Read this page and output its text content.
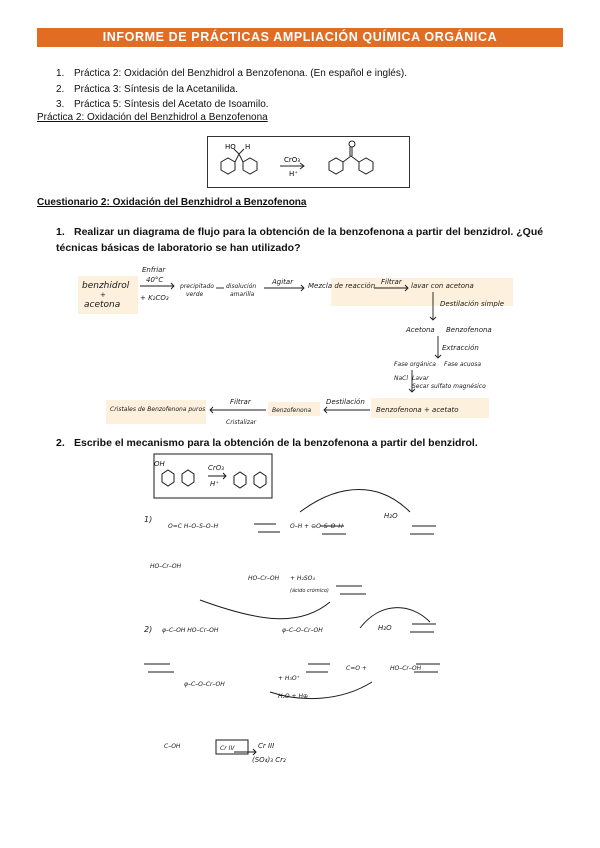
INFORME DE PRÁCTICAS AMPLIACIÓN QUÍMICA ORGÁNICA
1. Práctica 2: Oxidación del Benzhidrol a Benzofenona. (En español e inglés).
2. Práctica 3: Síntesis de la Acetanilida.
3. Práctica 5: Síntesis del Acetato de Isoamilo.
Práctica 2: Oxidación del Benzhidrol a Benzofenona
HO H
CrO₃
H⁺
Cuestionario 2: Oxidación del Benzhidrol a Benzofenona
1. Realizar un diagrama de flujo para la obtención de la benzofenona a partir del benzidrol. ¿Qué técnicas básicas de laboratorio se han utilizado?
benzhidrol
+
acetona
Enfriar
40°C
+ K₂CO₃
precipitado
verde
disolución
amarilla
Agitar Mezcla de reacción Filtrar lavar con acetona
Destilación simple
Acetona Benzofenona
Extracción
Fase orgánica Fase acuosa
NaCl Lavar
Secar sulfato magnésico
Benzofenona + acetato
Destilación
Benzofenona
Filtrar
Cristalizar
Cristales de Benzofenona puros
2. Escribe el mecanismo para la obtención de la benzofenona a partir del benzidrol.
OH	CrO₃
H⁺
1)
O=C H–O–S–O–H	O–H + ⊖O–S–O–H
H₂O
HO–Cr–OH
HO–Cr–OH + H₂SO₄
(ácido crómico)
2) φ–C–OH HO–Cr–OH	φ–C–O–Cr–OH	H₂O
φ–C–O–Cr–OH
+ H₃O⁺
H₂O + H⊕
C=O +	HO–Cr–OH
C–OH	Cr III
(SO₄)₃ Cr₂
Cr IV
